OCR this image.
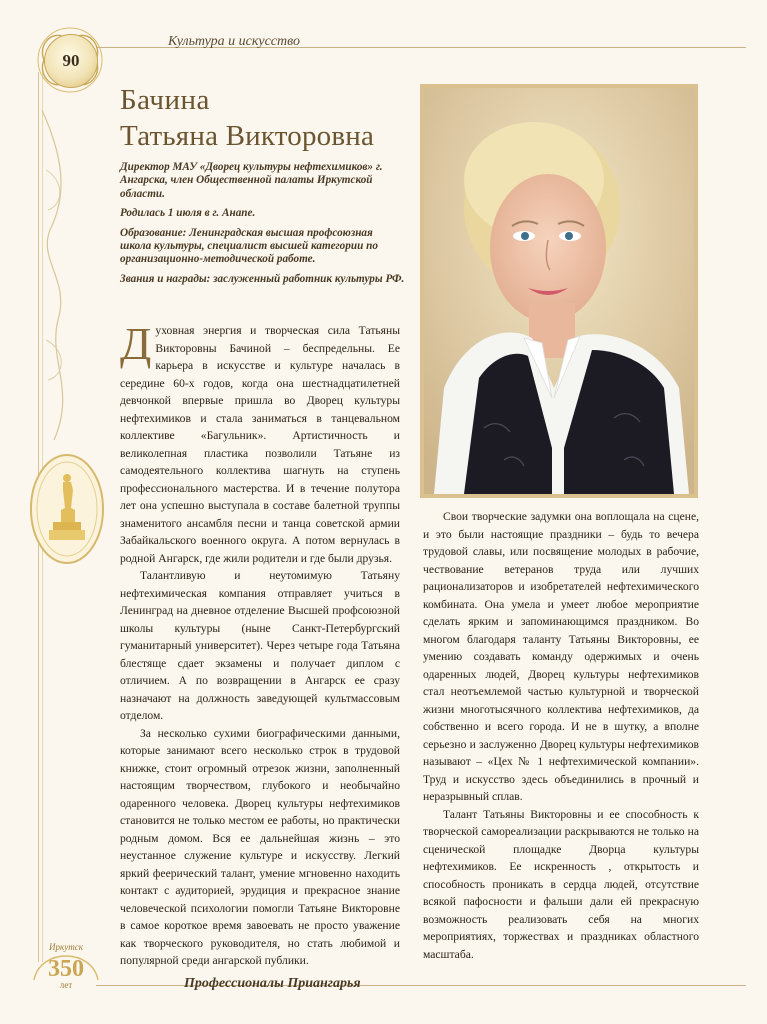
90
Культура и искусство
Бачина
Татьяна Викторовна

Директор МАУ «Дворец культуры нефтехимиков» г. Ангарска, член Общественной палаты Иркутской области.

Родилась 1 июля в г. Анапе.

Образование: Ленинградская высшая профсоюзная школа культуры, специалист высшей категории по организационно-методической работе.

Звания и награды: заслуженный работник культуры РФ.

Духовная энергия и творческая сила Татьяны Викторовны Бачиной – беспредельны. Ее карьера в искусстве и культуре началась в середине 60-х годов, когда она шестнадцатилетней девчонкой впервые пришла во Дворец культуры нефтехимиков и стала заниматься в танцевальном коллективе «Багульник». Артистичность и великолепная пластика позволили Татьяне из самодеятельного коллектива шагнуть на ступень профессионального мастерства. И в течение полутора лет она успешно выступала в составе балетной труппы знаменитого ансамбля песни и танца советской армии Забайкальского военного округа. А потом вернулась в родной Ангарск, где жили родители и где были друзья.

Талантливую и неутомимую Татьяну нефтехимическая компания отправляет учиться в Ленинград на дневное отделение Высшей профсоюзной школы культуры (ныне Санкт-Петербургский гуманитарный университет). Через четыре года Татьяна блестяще сдает экзамены и получает диплом с отличием. А по возвращении в Ангарск ее сразу назначают на должность заведующей культмассовым отделом.

За несколько сухими биографическими данными, которые занимают всего несколько строк в трудовой книжке, стоит огромный отрезок жизни, заполненный настоящим творчеством, глубокого и необычайно одаренного человека. Дворец культуры нефтехимиков становится не только местом ее работы, но практически родным домом. Вся ее дальнейшая жизнь – это неустанное служение культуре и искусству. Легкий яркий феерический талант, умение мгновенно находить контакт с аудиторией, эрудиция и прекрасное знание человеческой психологии помогли Татьяне Викторовне в самое короткое время завоевать не просто уважение как творческого руководителя, но стать любимой и популярной среди ангарской публики.

Свои творческие задумки она воплощала на сцене, и это были настоящие праздники – будь то вечера трудовой славы, или посвящение молодых в рабочие, чествование ветеранов труда или лучших рационализаторов и изобретателей нефтехимического комбината. Она умела и умеет любое мероприятие сделать ярким и запоминающимся праздником. Во многом благодаря таланту Татьяны Викторовны, ее умению создавать команду одержимых и очень одаренных людей, Дворец культуры нефтехимиков стал неотъемлемой частью культурной и творческой жизни многотысячного коллектива нефтехимиков, да собственно и всего города. И не в шутку, а вполне серьезно и заслуженно Дворец культуры нефтехимиков называют – «Цех № 1 нефтехимической компании». Труд и искусство здесь объединились в прочный и неразрывный сплав.

Талант Татьяны Викторовны и ее способность к творческой самореализации раскрываются не только на сценической площадке Дворца культуры нефтехимиков. Ее искренность , открытость и способность проникать в сердца людей, отсутствие всякой пафосности и фальши дали ей прекрасную возможность реализовать себя на многих мероприятиях, торжествах и праздниках областного масштаба.

Иркутск
350
лет	Профессионалы Приангарья
